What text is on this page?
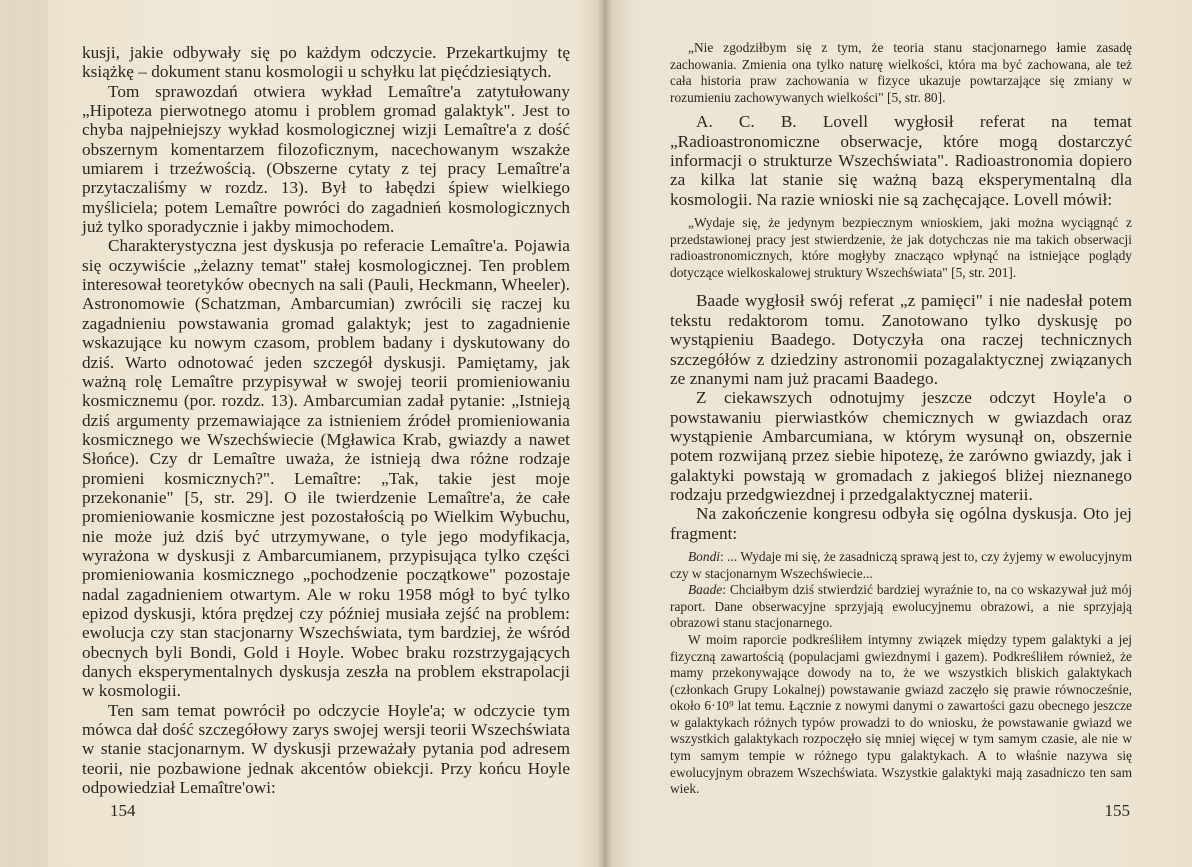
kusji, jakie odbywały się po każdym odczycie. Przekartkujmy tę książkę – dokument stanu kosmologii u schyłku lat pięćdziesiątych.

Tom sprawozdań otwiera wykład Lemaître'a zatytułowany „Hipoteza pierwotnego atomu i problem gromad galaktyk". Jest to chyba najpełniejszy wykład kosmologicznej wizji Lemaître'a z dość obszernym komentarzem filozoficznym, nacechowanym wszakże umiarem i trzeźwością. (Obszerne cytaty z tej pracy Lemaître'a przytaczaliśmy w rozdz. 13). Był to łabędzi śpiew wielkiego myśliciela; potem Lemaître powróci do zagadnień kosmologicznych już tylko sporadycznie i jakby mimochodem.

Charakterystyczna jest dyskusja po referacie Lemaître'a. Pojawia się oczywiście „żelazny temat" stałej kosmologicznej. Ten problem interesował teoretyków obecnych na sali (Pauli, Heckmann, Wheeler). Astronomowie (Schatzman, Ambarcumian) zwrócili się raczej ku zagadnieniu powstawania gromad galaktyk; jest to zagadnienie wskazujące ku nowym czasom, problem badany i dyskutowany do dziś. Warto odnotować jeden szczegół dyskusji. Pamiętamy, jak ważną rolę Lemaître przypisywał w swojej teorii promieniowaniu kosmicznemu (por. rozdz. 13). Ambarcumian zadał pytanie: „Istnieją dziś argumenty przemawiające za istnieniem źródeł promieniowania kosmicznego we Wszechświecie (Mgławica Krab, gwiazdy a nawet Słońce). Czy dr Lemaître uważa, że istnieją dwa różne rodzaje promieni kosmicznych?". Lemaître: „Tak, takie jest moje przekonanie" [5, str. 29]. O ile twierdzenie Lemaître'a, że całe promieniowanie kosmiczne jest pozostałością po Wielkim Wybuchu, nie może już dziś być utrzymywane, o tyle jego modyfikacja, wyrażona w dyskusji z Ambarcumianem, przypisująca tylko części promieniowania kosmicznego „pochodzenie początkowe" pozostaje nadal zagadnieniem otwartym. Ale w roku 1958 mógł to być tylko epizod dyskusji, która prędzej czy później musiała zejść na problem: ewolucja czy stan stacjonarny Wszechświata, tym bardziej, że wśród obecnych byli Bondi, Gold i Hoyle. Wobec braku rozstrzygających danych eksperymentalnych dyskusja zeszła na problem ekstrapolacji w kosmologii.

Ten sam temat powrócił po odczycie Hoyle'a; w odczycie tym mówca dał dość szczegółowy zarys swojej wersji teorii Wszechświata w stanie stacjonarnym. W dyskusji przeważały pytania pod adresem teorii, nie pozbawione jednak akcentów obiekcji. Przy końcu Hoyle odpowiedział Lemaître'owi:

154

„Nie zgodziłbym się z tym, że teoria stanu stacjonarnego łamie zasadę zachowania. Zmienia ona tylko naturę wielkości, która ma być zachowana, ale też cała historia praw zachowania w fizyce ukazuje powtarzające się zmiany w rozumieniu zachowywanych wielkości" [5, str. 80].

A. C. B. Lovell wygłosił referat na temat „Radioastronomiczne obserwacje, które mogą dostarczyć informacji o strukturze Wszechświata". Radioastronomia dopiero za kilka lat stanie się ważną bazą eksperymentalną dla kosmologii. Na razie wnioski nie są zachęcające. Lovell mówił:

„Wydaje się, że jedynym bezpiecznym wnioskiem, jaki można wyciągnąć z przedstawionej pracy jest stwierdzenie, że jak dotychczas nie ma takich obserwacji radioastronomicznych, które mogłyby znacząco wpłynąć na istniejące poglądy dotyczące wielkoskalowej struktury Wszechświata" [5, str. 201].

Baade wygłosił swój referat „z pamięci" i nie nadesłał potem tekstu redaktorom tomu. Zanotowano tylko dyskusję po wystąpieniu Baadego. Dotyczyła ona raczej technicznych szczegółów z dziedziny astronomii pozagalaktycznej związanych ze znanymi nam już pracami Baadego.

Z ciekawszych odnotujmy jeszcze odczyt Hoyle'a o powstawaniu pierwiastków chemicznych w gwiazdach oraz wystąpienie Ambarcumiana, w którym wysunął on, obszernie potem rozwijaną przez siebie hipotezę, że zarówno gwiazdy, jak i galaktyki powstają w gromadach z jakiegoś bliżej nieznanego rodzaju przedgwiezdnej i przedgalaktycznej materii.

Na zakończenie kongresu odbyła się ogólna dyskusja. Oto jej fragment:

Bondi: ... Wydaje mi się, że zasadniczą sprawą jest to, czy żyjemy w ewolucyjnym czy w stacjonarnym Wszechświecie...

Baade: Chciałbym dziś stwierdzić bardziej wyraźnie to, na co wskazywał już mój raport. Dane obserwacyjne sprzyjają ewolucyjnemu obrazowi, a nie sprzyjają obrazowi stanu stacjonarnego.

W moim raporcie podkreśliłem intymny związek między typem galaktyki a jej fizyczną zawartością (populacjami gwiezdnymi i gazem). Podkreśliłem również, że mamy przekonywające dowody na to, że we wszystkich bliskich galaktykach (członkach Grupy Lokalnej) powstawanie gwiazd zaczęło się prawie równocześnie, około 6·10⁹ lat temu. Łącznie z nowymi danymi o zawartości gazu obecnego jeszcze w galaktykach różnych typów prowadzi to do wniosku, że powstawanie gwiazd we wszystkich galaktykach rozpoczęło się mniej więcej w tym samym czasie, ale nie w tym samym tempie w różnego typu galaktykach. A to właśnie nazywa się ewolucyjnym obrazem Wszechświata. Wszystkie galaktyki mają zasadniczo ten sam wiek.

155
